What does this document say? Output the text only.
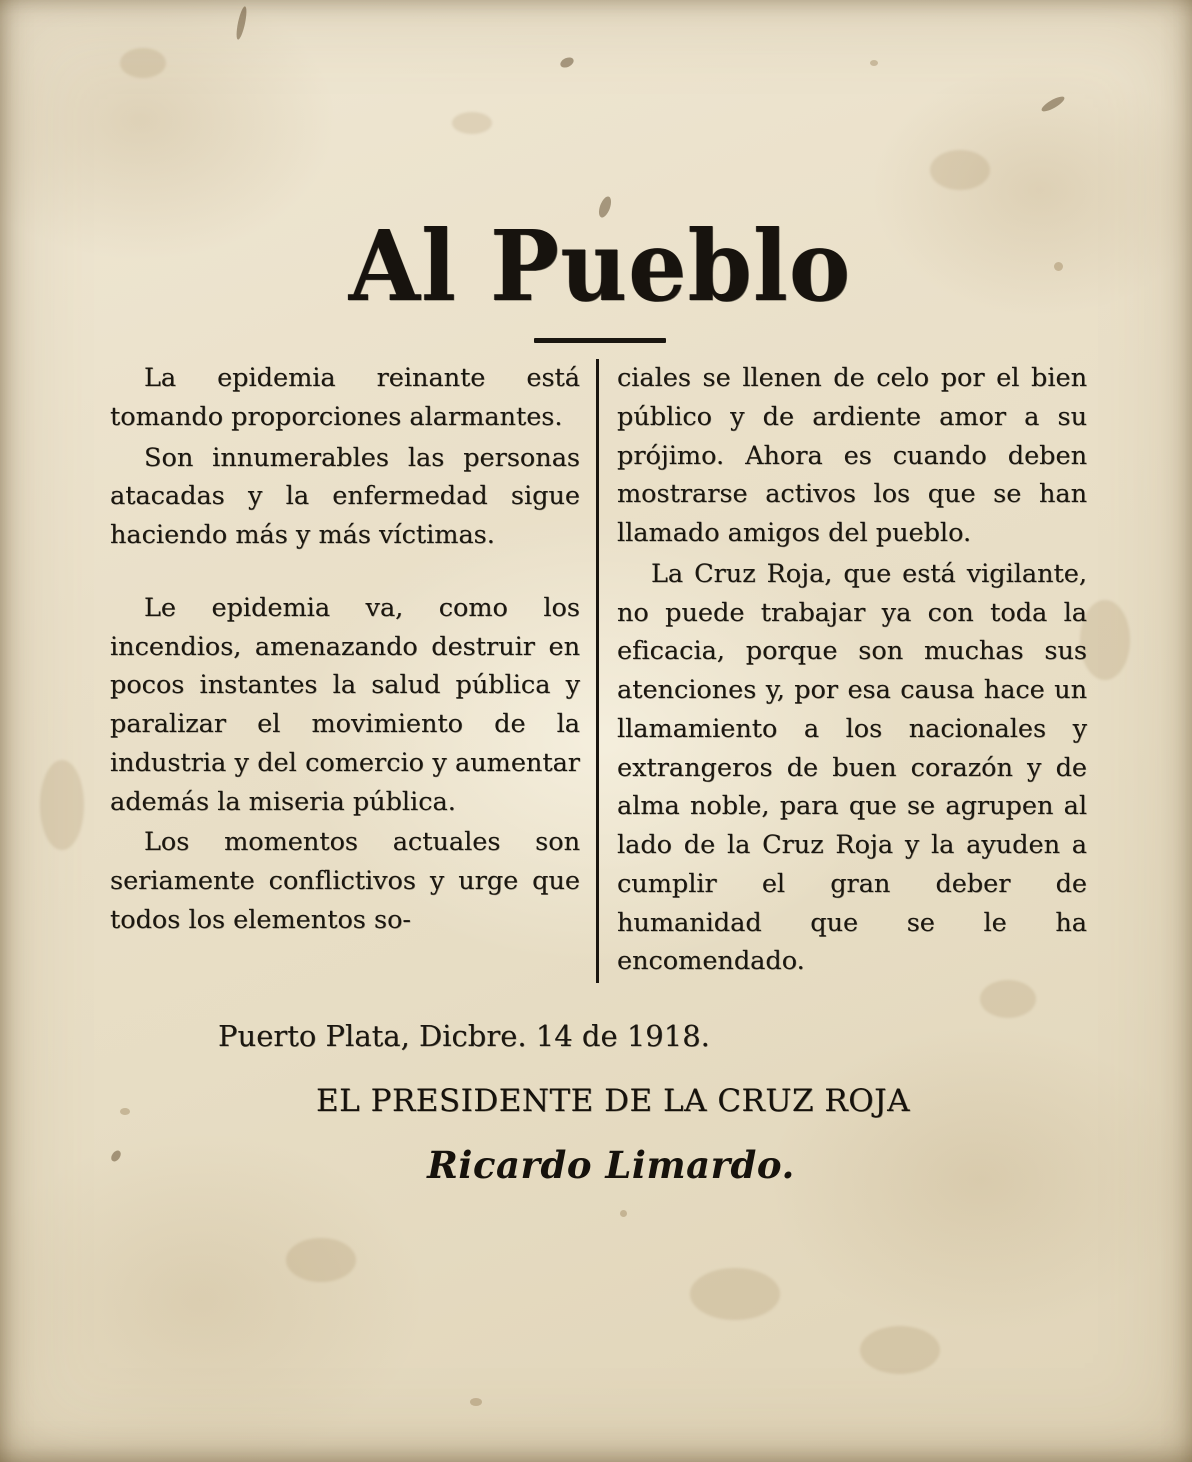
Al Pueblo

La epidemia reinante está tomando proporciones alarmantes.

Son innumerables las personas atacadas y la enfermedad sigue haciendo más y más víctimas.

Le epidemia va, como los incendios, amenazando destruir en pocos instantes la salud pública y paralizar el movimiento de la industria y del comercio y aumentar además la miseria pública.

Los momentos actuales son seriamente conflictivos y urge que todos los elementos so-

ciales se llenen de celo por el bien público y de ardiente amor a su prójimo. Ahora es cuando deben mostrarse activos los que se han llamado amigos del pueblo.

La Cruz Roja, que está vigilante, no puede trabajar ya con toda la eficacia, porque son muchas sus atenciones y, por esa causa hace un llamamiento a los nacionales y extrangeros de buen corazón y de alma noble, para que se agrupen al lado de la Cruz Roja y la ayuden a cumplir el gran deber de humanidad que se le ha encomendado.

Puerto Plata, Dicbre. 14 de 1918.
EL PRESIDENTE DE LA CRUZ ROJA
Ricardo Limardo.
